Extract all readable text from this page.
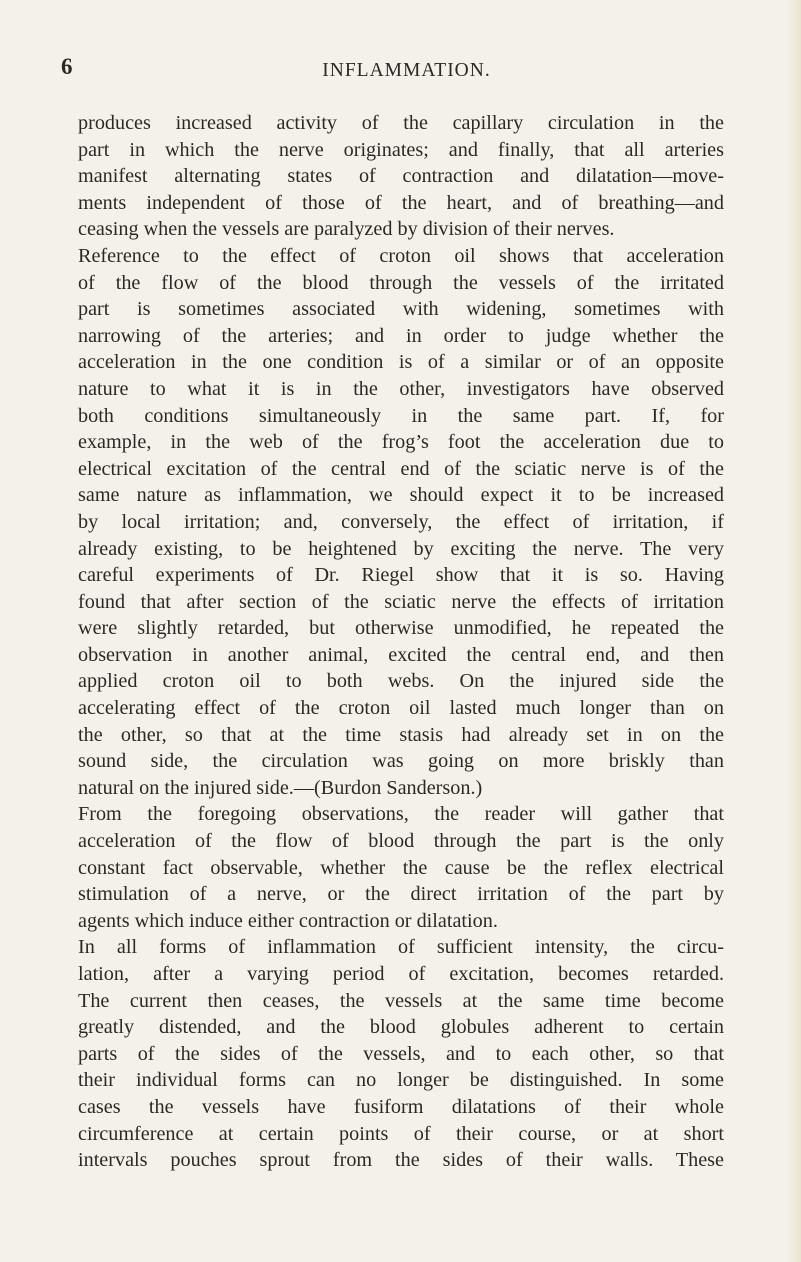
6	INFLAMMATION.
produces increased activity of the capillary circulation in the
part in which the nerve originates; and finally, that all arteries
manifest alternating states of contraction and dilatation—move-
ments independent of those of the heart, and of breathing—and
ceasing when the vessels are paralyzed by division of their nerves.
Reference to the effect of croton oil shows that acceleration
of the flow of the blood through the vessels of the irritated
part is sometimes associated with widening, sometimes with
narrowing of the arteries; and in order to judge whether the
acceleration in the one condition is of a similar or of an opposite
nature to what it is in the other, investigators have observed
both conditions simultaneously in the same part. If, for
example, in the web of the frog’s foot the acceleration due to
electrical excitation of the central end of the sciatic nerve is of the
same nature as inflammation, we should expect it to be increased
by local irritation; and, conversely, the effect of irritation, if
already existing, to be heightened by exciting the nerve. The very
careful experiments of Dr. Riegel show that it is so. Having
found that after section of the sciatic nerve the effects of irritation
were slightly retarded, but otherwise unmodified, he repeated the
observation in another animal, excited the central end, and then
applied croton oil to both webs. On the injured side the
accelerating effect of the croton oil lasted much longer than on
the other, so that at the time stasis had already set in on the
sound side, the circulation was going on more briskly than
natural on the injured side.—(Burdon Sanderson.)
From the foregoing observations, the reader will gather that
acceleration of the flow of blood through the part is the only
constant fact observable, whether the cause be the reflex electrical
stimulation of a nerve, or the direct irritation of the part by
agents which induce either contraction or dilatation.
In all forms of inflammation of sufficient intensity, the circu-
lation, after a varying period of excitation, becomes retarded.
The current then ceases, the vessels at the same time become
greatly distended, and the blood globules adherent to certain
parts of the sides of the vessels, and to each other, so that
their individual forms can no longer be distinguished. In some
cases the vessels have fusiform dilatations of their whole
circumference at certain points of their course, or at short
intervals pouches sprout from the sides of their walls. These
